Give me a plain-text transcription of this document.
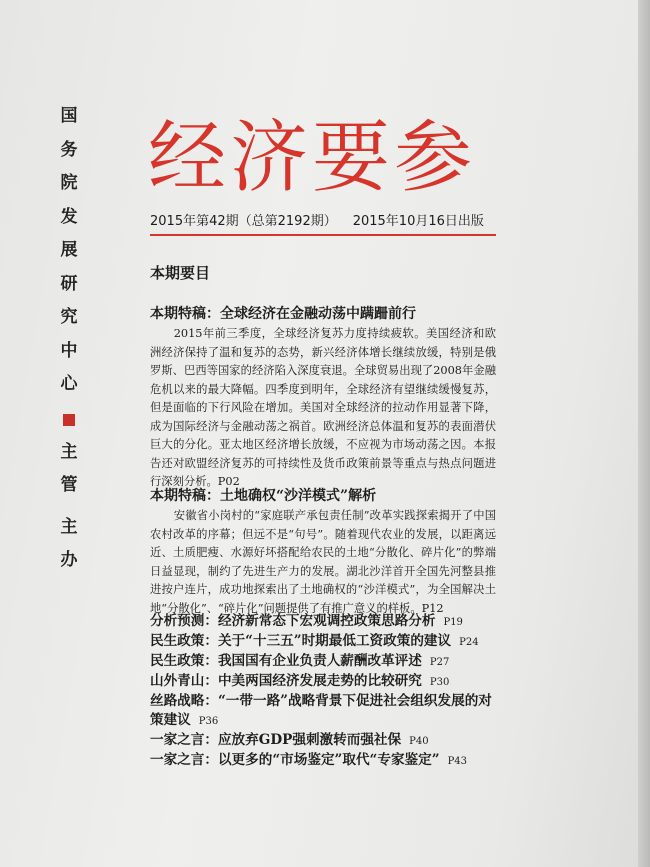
国
务
院
发
展
研
究
中
心
主
管
主
办
经济要参
2015年第42期（总第2192期） 2015年10月16日出版
本期要目
本期特稿：全球经济在金融动荡中蹒跚前行

2015年前三季度，全球经济复苏力度持续疲软。美国经济和欧洲经济保持了温和复苏的态势，新兴经济体增长继续放缓，特别是俄罗斯、巴西等国家的经济陷入深度衰退。全球贸易出现了2008年金融危机以来的最大降幅。四季度到明年，全球经济有望继续缓慢复苏，但是面临的下行风险在增加。美国对全球经济的拉动作用显著下降，成为国际经济与金融动荡之祸首。欧洲经济总体温和复苏的表面潜伏巨大的分化。亚太地区经济增长放缓，不应视为市场动荡之因。本报告还对欧盟经济复苏的可持续性及货币政策前景等重点与热点问题进行深刻分析。P02

本期特稿：土地确权“沙洋模式”解析

安徽省小岗村的“家庭联产承包责任制”改革实践探索揭开了中国农村改革的序幕；但远不是“句号”。随着现代农业的发展，以距离远近、土质肥瘦、水源好坏搭配给农民的土地“分散化、碎片化”的弊端日益显现，制约了先进生产力的发展。湖北沙洋首开全国先河整县推进按户连片，成功地探索出了土地确权的“沙洋模式”，为全国解决土地“分散化”、“碎片化”问题提供了有推广意义的样板。P12

分析预测：经济新常态下宏观调控政策思路分析 P19
民生政策：关于“十三五”时期最低工资政策的建议 P24
民生政策：我国国有企业负责人薪酬改革评述 P27
山外青山：中美两国经济发展走势的比较研究 P30
丝路战略：“一带一路”战略背景下促进社会组织发展的对策建议 P36
一家之言：应放弃GDP强刺激转而强社保 P40
一家之言：以更多的“市场鉴定”取代“专家鉴定” P43
